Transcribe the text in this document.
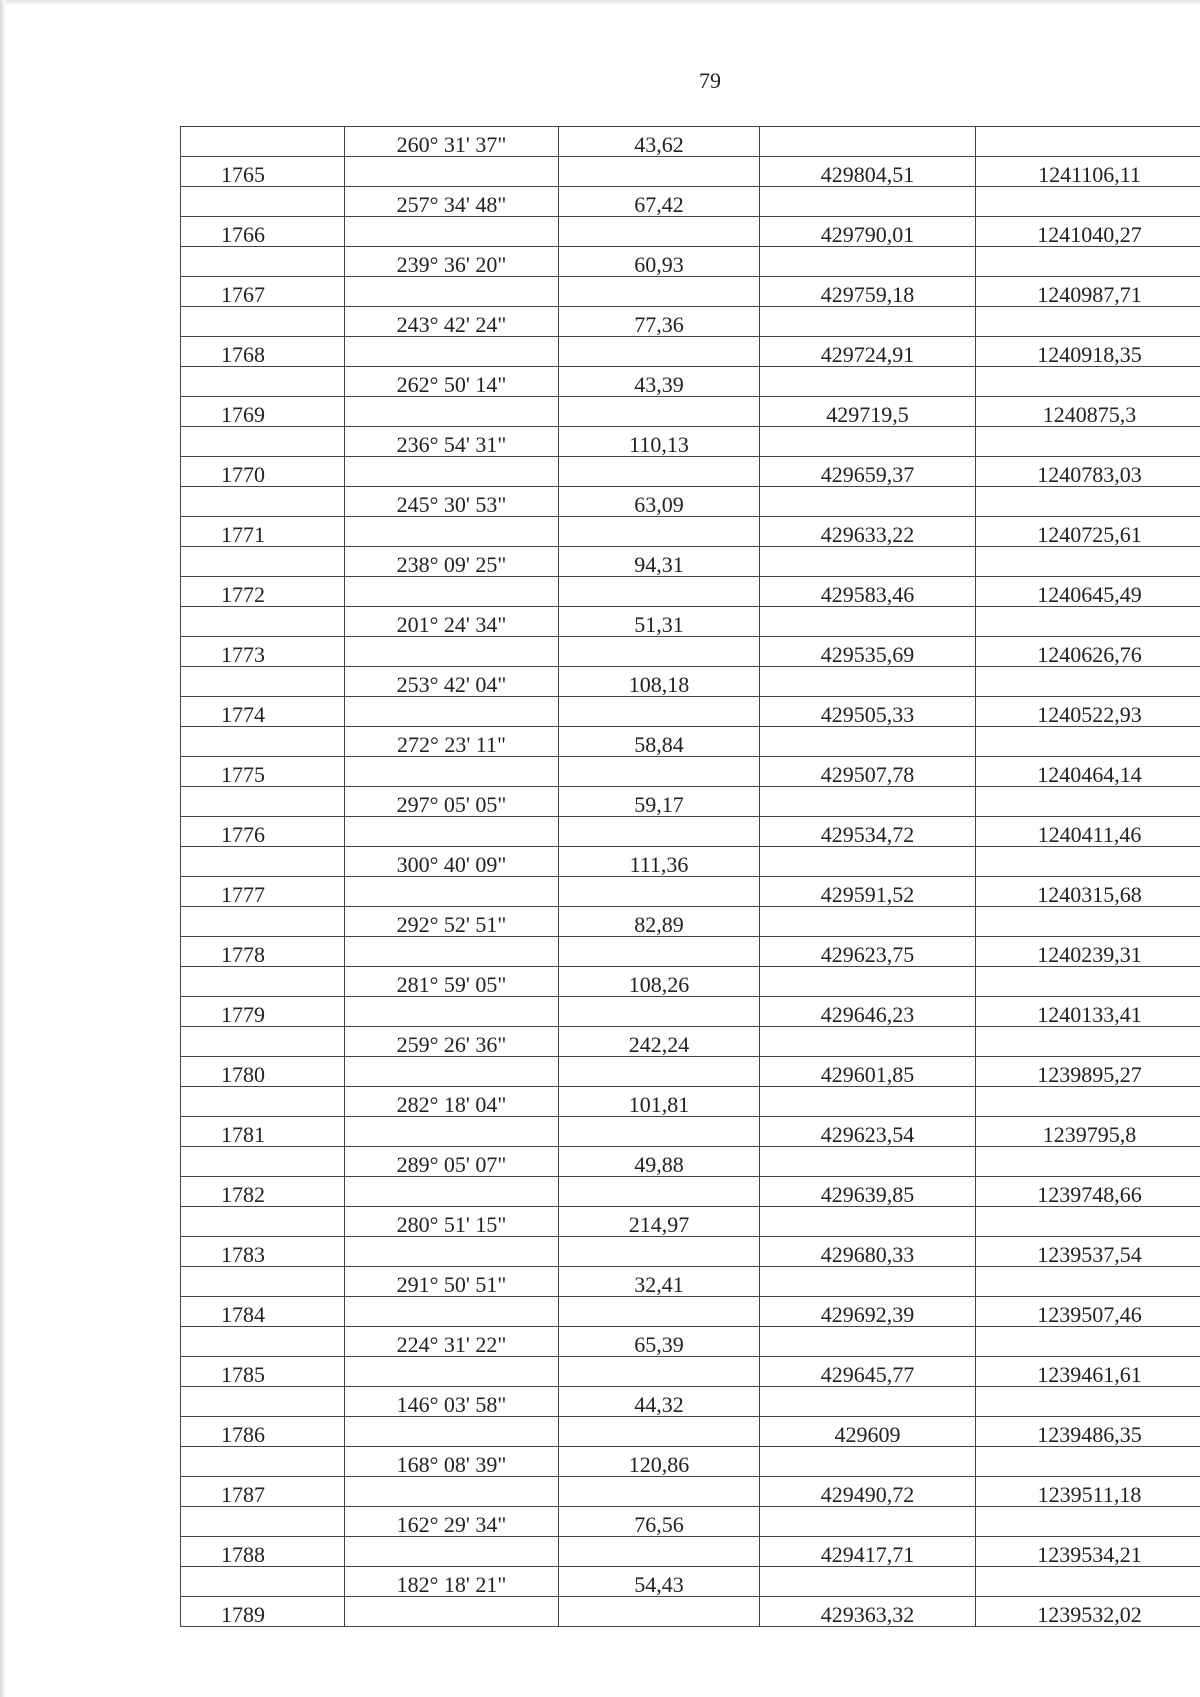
79
	260° 31' 37"	43,62		
1765			429804,51	1241106,11
	257° 34' 48"	67,42		
1766			429790,01	1241040,27
	239° 36' 20"	60,93		
1767			429759,18	1240987,71
	243° 42' 24"	77,36		
1768			429724,91	1240918,35
	262° 50' 14"	43,39		
1769			429719,5	1240875,3
	236° 54' 31"	110,13		
1770			429659,37	1240783,03
	245° 30' 53"	63,09		
1771			429633,22	1240725,61
	238° 09' 25"	94,31		
1772			429583,46	1240645,49
	201° 24' 34"	51,31		
1773			429535,69	1240626,76
	253° 42' 04"	108,18		
1774			429505,33	1240522,93
	272° 23' 11"	58,84		
1775			429507,78	1240464,14
	297° 05' 05"	59,17		
1776			429534,72	1240411,46
	300° 40' 09"	111,36		
1777			429591,52	1240315,68
	292° 52' 51"	82,89		
1778			429623,75	1240239,31
	281° 59' 05"	108,26		
1779			429646,23	1240133,41
	259° 26' 36"	242,24		
1780			429601,85	1239895,27
	282° 18' 04"	101,81		
1781			429623,54	1239795,8
	289° 05' 07"	49,88		
1782			429639,85	1239748,66
	280° 51' 15"	214,97		
1783			429680,33	1239537,54
	291° 50' 51"	32,41		
1784			429692,39	1239507,46
	224° 31' 22"	65,39		
1785			429645,77	1239461,61
	146° 03' 58"	44,32		
1786			429609	1239486,35
	168° 08' 39"	120,86		
1787			429490,72	1239511,18
	162° 29' 34"	76,56		
1788			429417,71	1239534,21
	182° 18' 21"	54,43		
1789			429363,32	1239532,02
